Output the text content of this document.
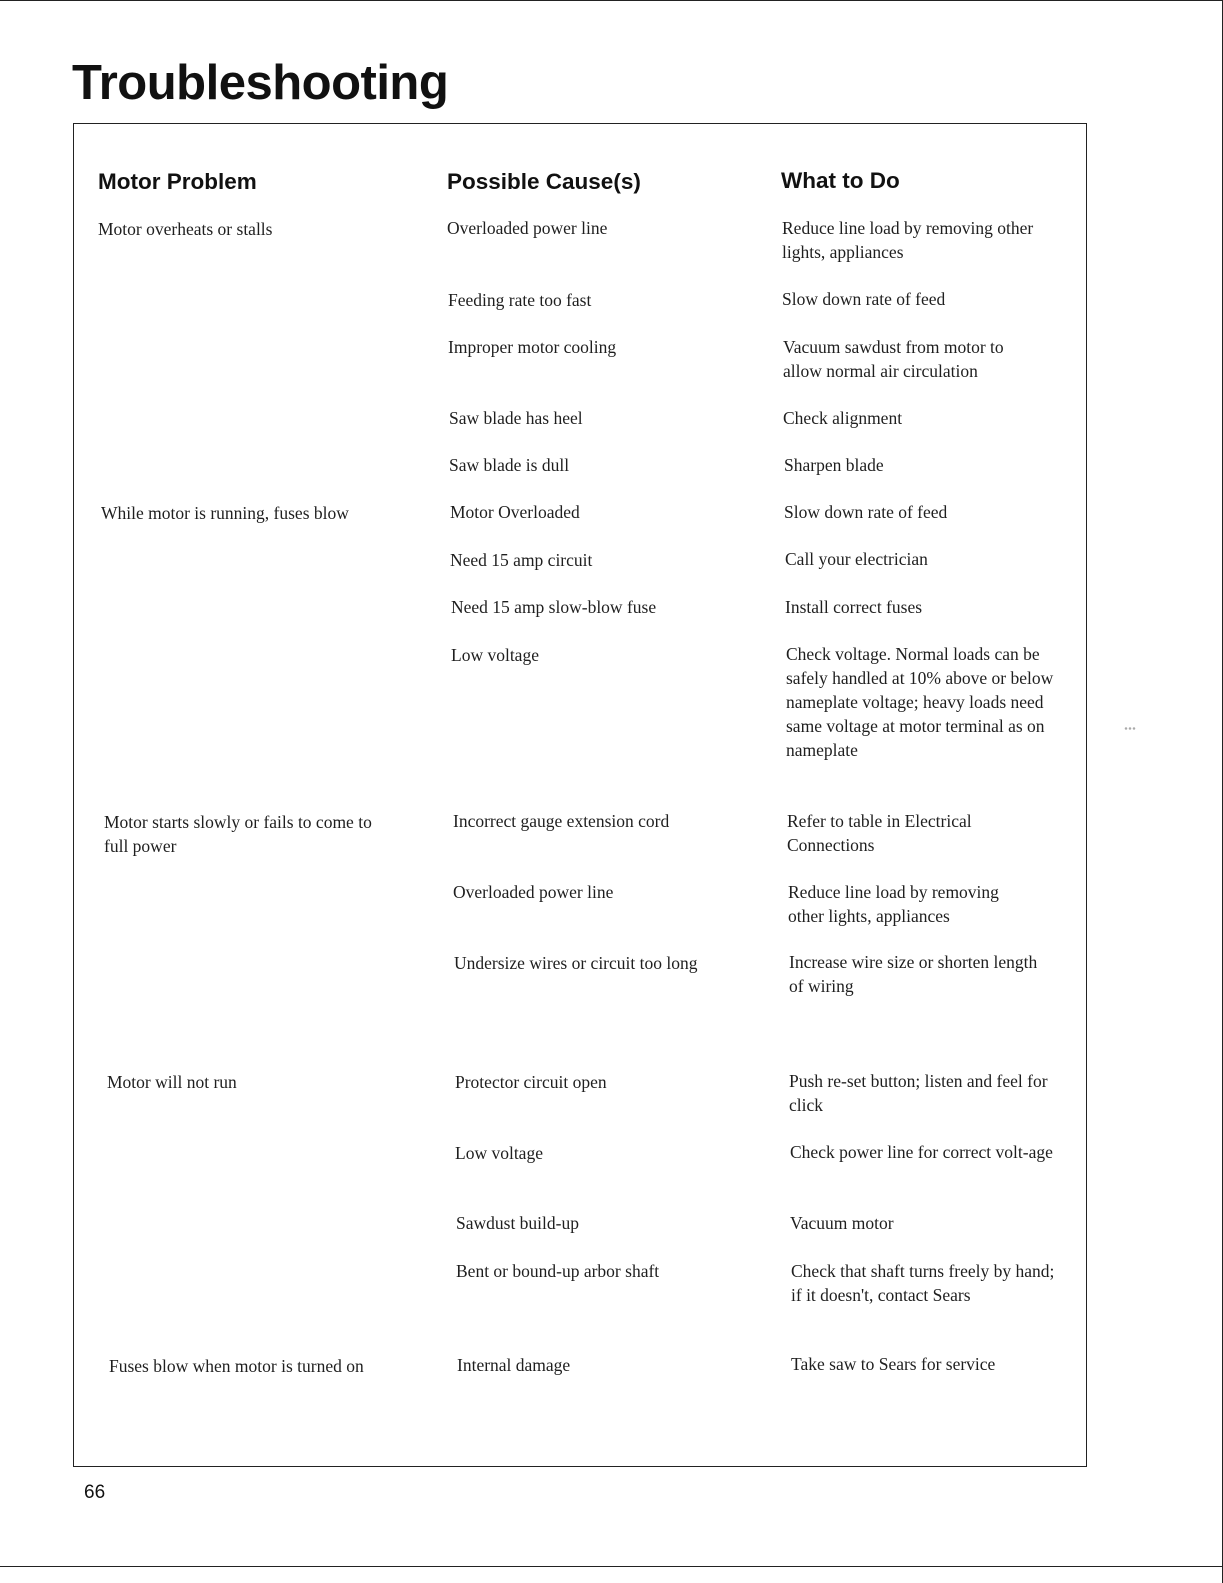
Troubleshooting
Motor Problem	Possible Cause(s)	What to Do
Motor overheats or stalls
While motor is running, fuses blow
Motor starts slowly or fails to come to full power
Motor will not run
Fuses blow when motor is turned on
Overloaded power line
Feeding rate too fast
Improper motor cooling
Saw blade has heel
Saw blade is dull
Motor Overloaded
Need 15 amp circuit
Need 15 amp slow-blow fuse
Low voltage
Incorrect gauge extension cord
Overloaded power line
Undersize wires or circuit too long
Protector circuit open
Low voltage
Sawdust build-up
Bent or bound-up arbor shaft
Internal damage
Reduce line load by removing other lights, appliances
Slow down rate of feed
Vacuum sawdust from motor to allow normal air circulation
Check alignment
Sharpen blade
Slow down rate of feed
Call your electrician
Install correct fuses
Check voltage. Normal loads can be safely handled at 10% above or below nameplate voltage; heavy loads need same voltage at motor terminal as on nameplate
Refer to table in Electrical Connections
Reduce line load by removing other lights, appliances
Increase wire size or shorten length of wiring
Push re-set button; listen and feel for click
Check power line for correct volt-age
Vacuum motor
Check that shaft turns freely by hand; if it doesn't, contact Sears
Take saw to Sears for service
66
